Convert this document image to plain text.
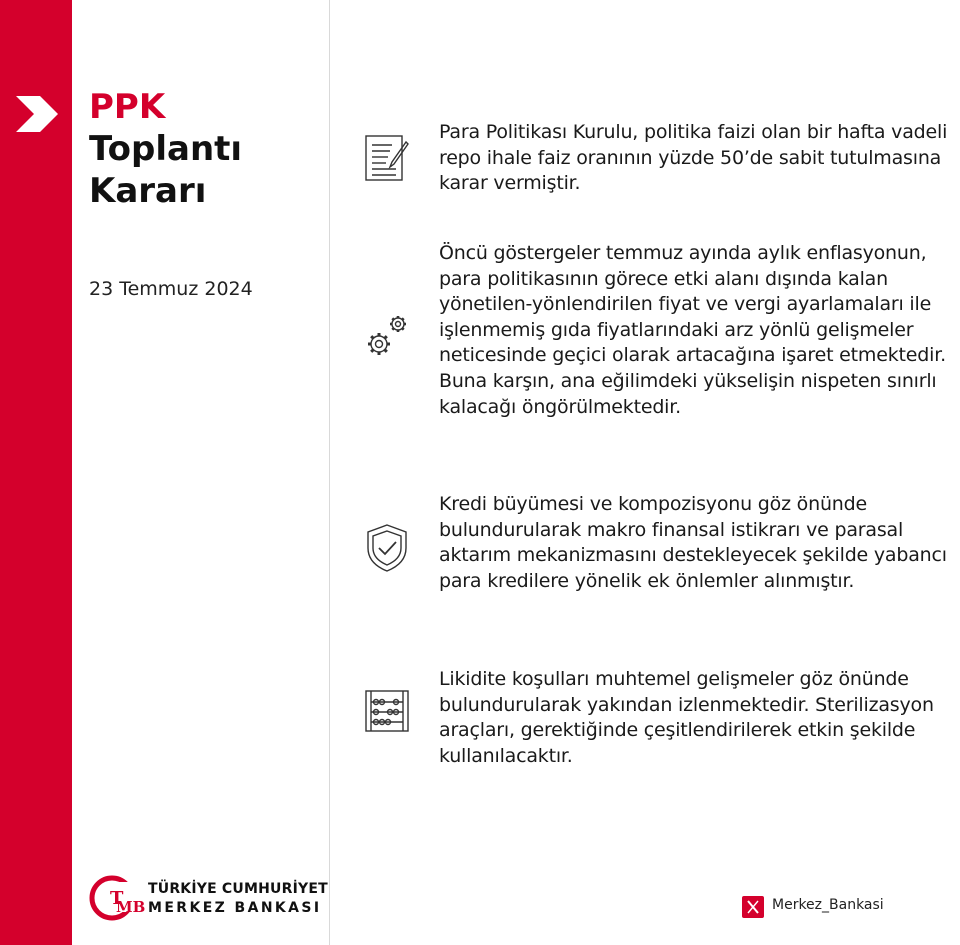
PPK
Toplantı
Kararı
23 Temmuz 2024
Para Politikası Kurulu, politika faizi olan bir hafta vadeli repo ihale faiz oranının yüzde 50’de sabit tutulmasına karar vermiştir.
Öncü göstergeler temmuz ayında aylık enflasyonun, para politikasının görece etki alanı dışında kalan yönetilen-yönlendirilen fiyat ve vergi ayarlamaları ile işlenmemiş gıda fiyatlarındaki arz yönlü gelişmeler neticesinde geçici olarak artacağına işaret etmektedir. Buna karşın, ana eğilimdeki yükselişin nispeten sınırlı kalacağı öngörülmektedir.
Kredi büyümesi ve kompozisyonu göz önünde bulundurularak makro finansal istikrarı ve parasal aktarım mekanizmasını destekleyecek şekilde yabancı para kredilere yönelik ek önlemler alınmıştır.
Likidite koşulları muhtemel gelişmeler göz önünde bulundurularak yakından izlenmektedir. Sterilizasyon araçları, gerektiğinde çeşitlendirilerek etkin şekilde kullanılacaktır.
T
MB
TÜRKİYE CUMHURİYET
MERKEZ BANKASI	Merkez_Bankasi
